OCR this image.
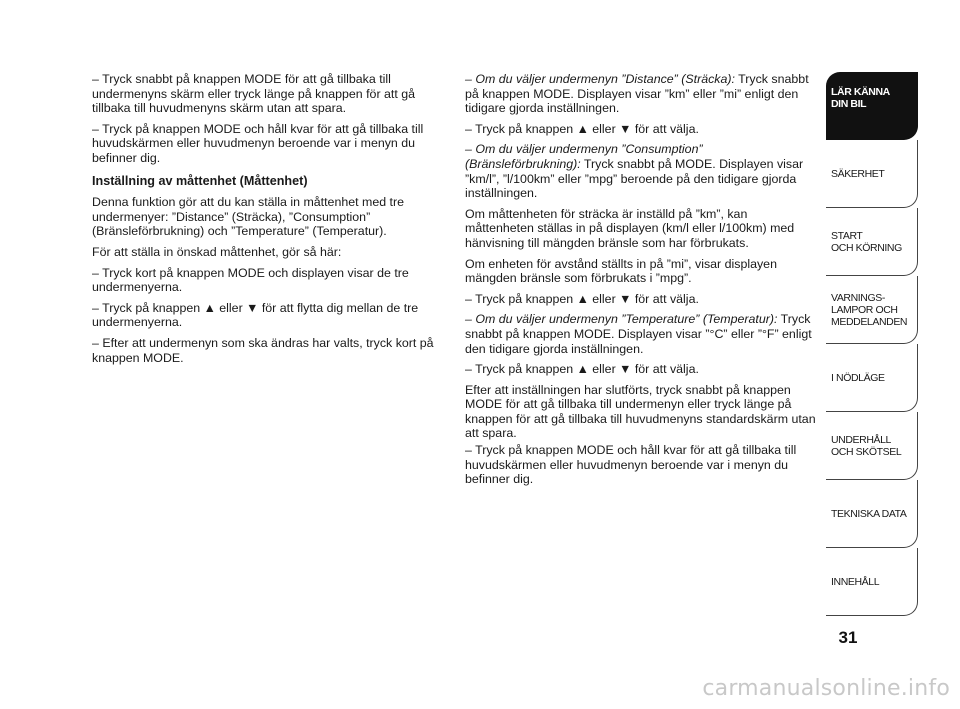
– Tryck snabbt på knappen MODE för att gå tillbaka till undermenyns skärm eller tryck länge på knappen för att gå tillbaka till huvudmenyns skärm utan att spara.

– Tryck på knappen MODE och håll kvar för att gå tillbaka till huvudskärmen eller huvudmenyn beroende var i menyn du befinner dig.

Inställning av måttenhet (Måttenhet)

Denna funktion gör att du kan ställa in måttenhet med tre undermenyer: ”Distance” (Sträcka), ”Consumption” (Bränsleförbrukning) och ”Temperature” (Temperatur).

För att ställa in önskad måttenhet, gör så här:

– Tryck kort på knappen MODE och displayen visar de tre undermenyerna.

– Tryck på knappen ▲ eller ▼ för att flytta dig mellan de tre undermenyerna.

– Efter att undermenyn som ska ändras har valts, tryck kort på knappen MODE.

– Om du väljer undermenyn ”Distance” (Sträcka): Tryck snabbt på knappen MODE. Displayen visar ”km” eller ”mi” enligt den tidigare gjorda inställningen.

– Tryck på knappen ▲ eller ▼ för att välja.

– Om du väljer undermenyn ”Consumption” (Bränsleförbrukning): Tryck snabbt på MODE. Displayen visar ”km/l”, ”l/100km” eller ”mpg” beroende på den tidigare gjorda inställningen.

Om måttenheten för sträcka är inställd på ”km”, kan måttenheten ställas in på displayen (km/l eller l/100km) med hänvisning till mängden bränsle som har förbrukats.

Om enheten för avstånd ställts in på ”mi”, visar displayen mängden bränsle som förbrukats i ”mpg”.

– Tryck på knappen ▲ eller ▼ för att välja.

– Om du väljer undermenyn ”Temperature” (Temperatur): Tryck snabbt på knappen MODE. Displayen visar ”°C” eller ”°F” enligt den tidigare gjorda inställningen.

– Tryck på knappen ▲ eller ▼ för att välja.

Efter att inställningen har slutförts, tryck snabbt på knappen MODE för att gå tillbaka till undermenyn eller tryck länge på knappen för att gå tillbaka till huvudmenyns standardskärm utan att spara.

– Tryck på knappen MODE och håll kvar för att gå tillbaka till huvudskärmen eller huvudmenyn beroende var i menyn du befinner dig.

LÄR KÄNNA
DIN BIL
SÄKERHET
START
OCH KÖRNING
VARNINGS-
LAMPOR OCH
MEDDELANDEN
I NÖDLÄGE
UNDERHÅLL
OCH SKÖTSEL
TEKNISKA DATA
INNEHÅLL
31
carmanualsonline.info
